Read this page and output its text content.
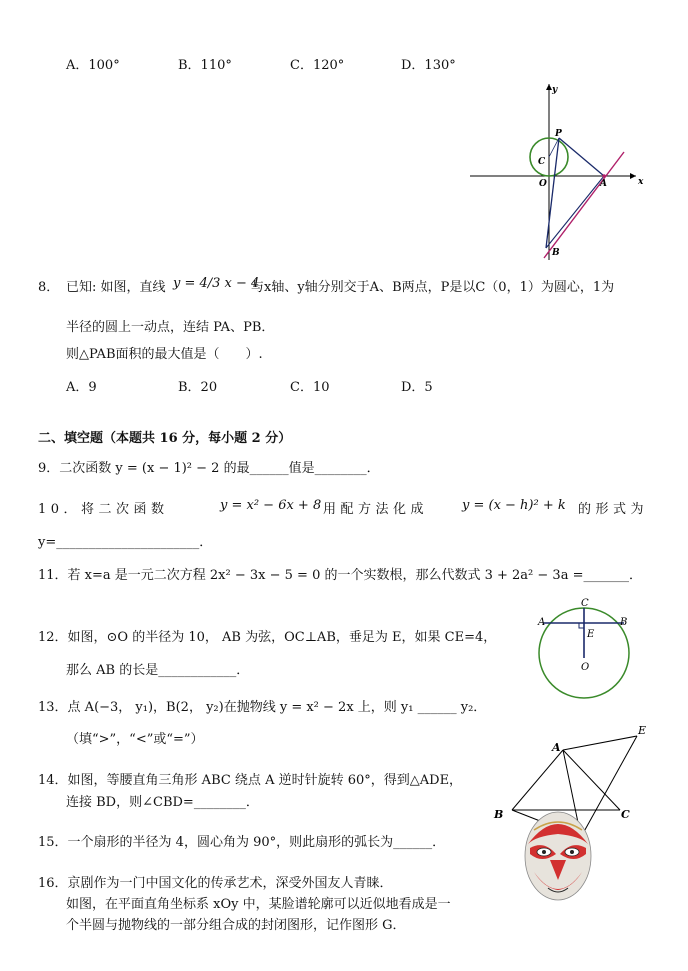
A．100°	B．110°	C．120°	D．130°
y
x
P
C
O	A
B
8． 已知: 如图，直线 y = 4/3 x − 4
与x轴、y轴分别交于A、B两点，P是以C（0，1）为圆心，1为
半径的圆上一动点，连结 PA、PB．
则△PAB面积的最大值是（　　）.
A．9	B．20	C．10	D．5
二、填空题（本题共 16 分，每小题 2 分）
9．二次函数 y = (x − 1)² − 2 的最______值是________．
10．将二次函数	y = x² − 6x + 8 用配方法化成	y = (x − h)² + k 的形式为
y=______________________．
11．若 x=a 是一元二次方程 2x² − 3x − 5 = 0 的一个实数根，那么代数式 3 + 2a² − 3a =_______．
C
A	B
E
O
12．如图，⊙O 的半径为 10， AB 为弦，OC⊥AB，垂足为 E，如果 CE=4，
那么 AB 的长是____________．
13．点 A(−3， y₁)，B(2， y₂)在抛物线 y = x² − 2x 上，则 y₁ ______ y₂．
（填“>”，“<”或“=”）
A
E
B	C
14．如图，等腰直角三角形 ABC 绕点 A 逆时针旋转 60°，得到△ADE，
连接 BD，则∠CBD=________．
15．一个扇形的半径为 4，圆心角为 90°，则此扇形的弧长为______．
16．京剧作为一门中国文化的传承艺术，深受外国友人青睐．
如图，在平面直角坐标系 xOy 中，某脸谱轮廓可以近似地看成是一
个半圆与抛物线的一部分组合成的封闭图形，记作图形 G．
